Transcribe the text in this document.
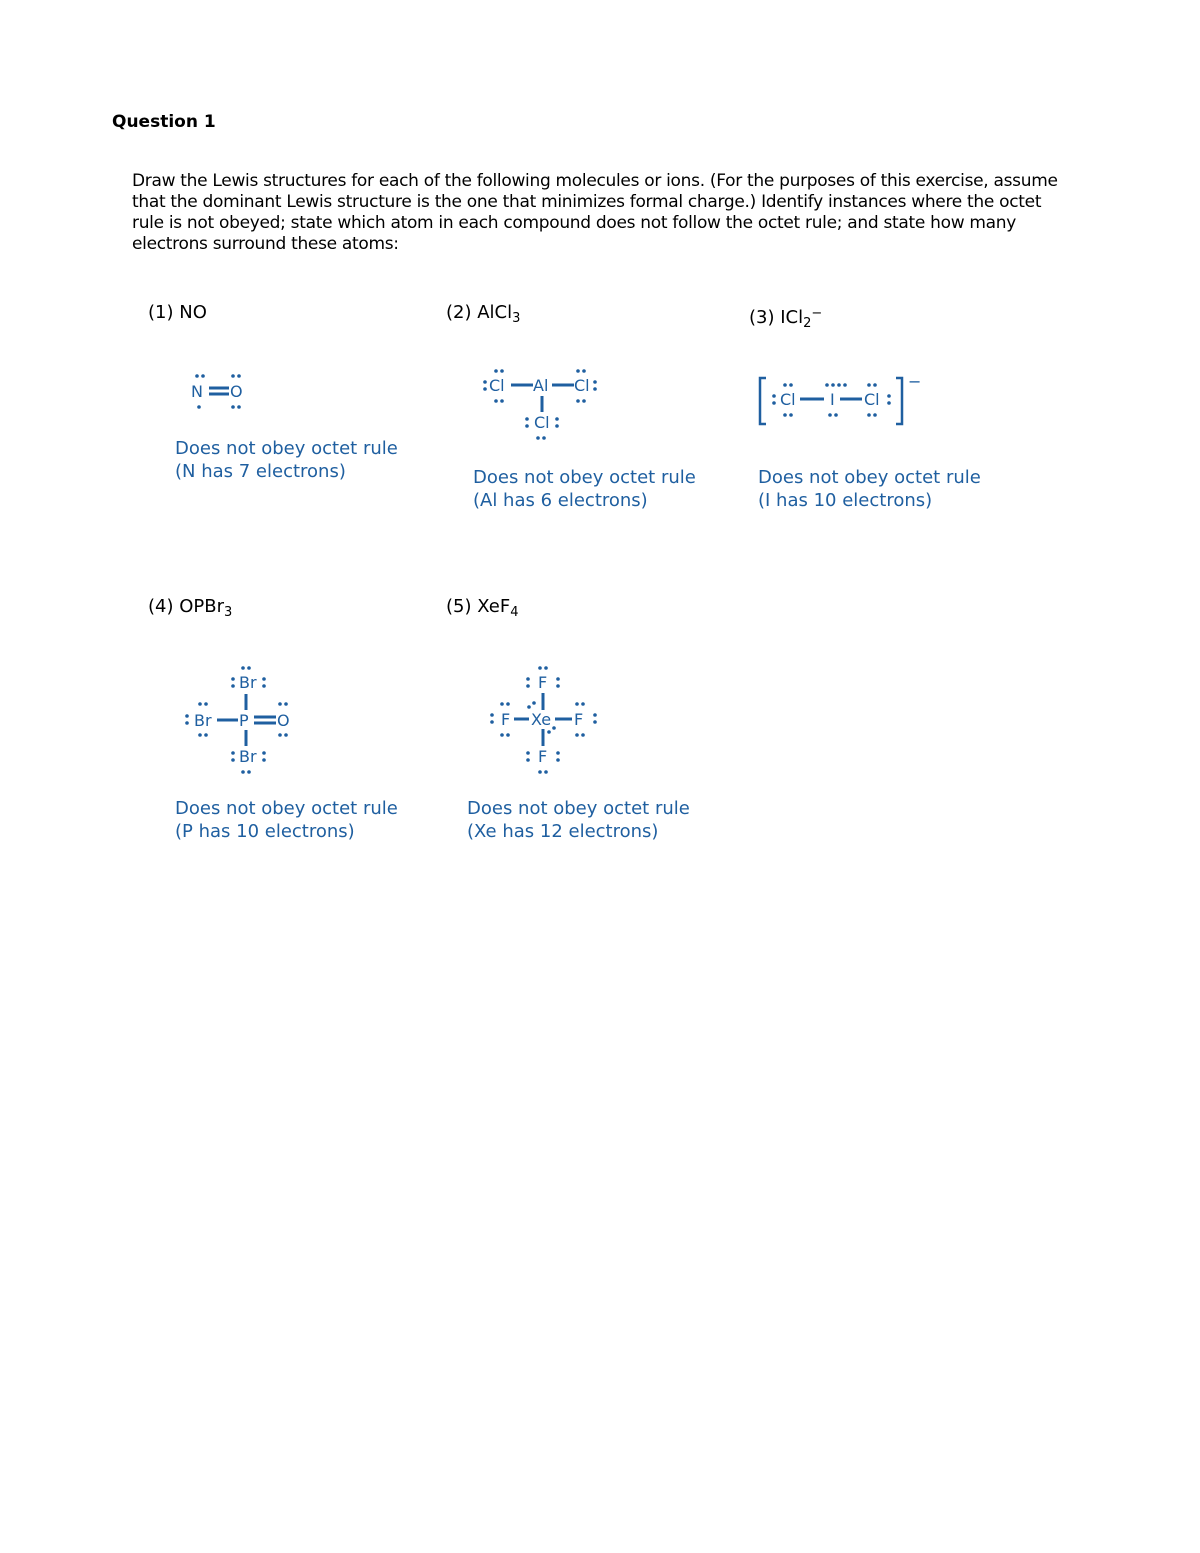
Question 1
Draw the Lewis structures for each of the following molecules or ions. (For the purposes of this exercise, assume that the dominant Lewis structure is the one that minimizes formal charge.) Identify instances where the octet rule is not obeyed; state which atom in each compound does not follow the octet rule; and state how many electrons surround these atoms:
(1) NO
N O
Does not obey octet rule
(N has 7 electrons)
(2) AlCl$_3$
Cl Al Cl
Cl
Does not obey octet rule
(Al has 6 electrons)
(3) ICl$_2$−
−
Cl I Cl
Does not obey octet rule
(I has 10 electrons)
(4) OPBr$_3$
Br
Br P O
Br
Does not obey octet rule
(P has 10 electrons)
(5) XeF$_4$
F
F Xe F
F
Does not obey octet rule
(Xe has 12 electrons)
